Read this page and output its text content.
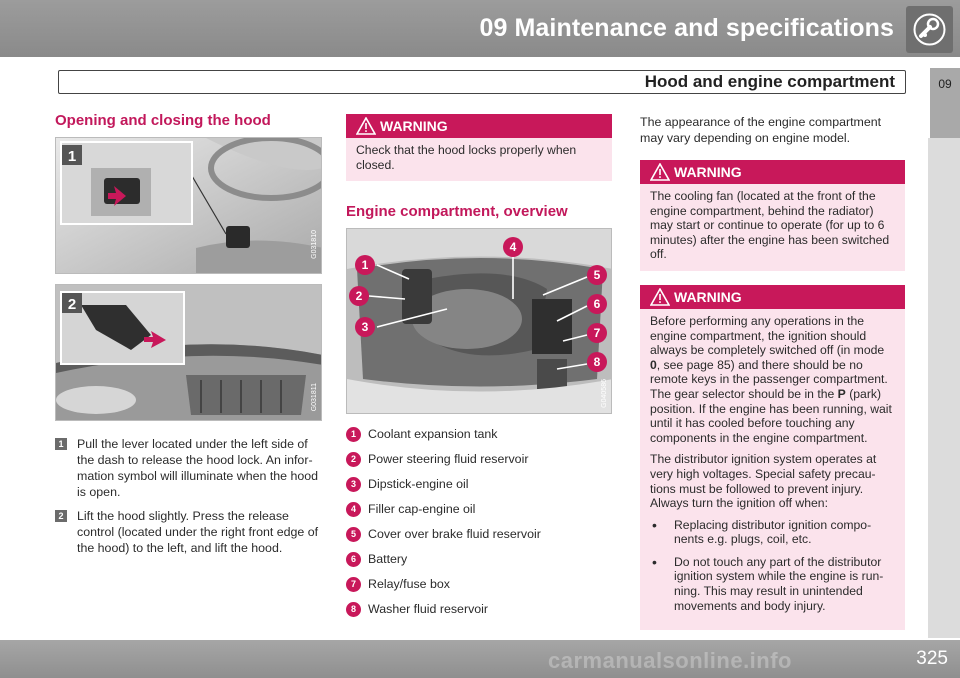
09 Maintenance and specifications
Hood and engine compartment	09
Opening and closing the hood
1
G031810
2
G031811
1 Pull the lever located under the left side of the dash to release the hood lock. An infor-mation symbol will illuminate when the hood is open.
2 Lift the hood slightly. Press the release control (located under the right front edge of the hood) to the left, and lift the hood.
WARNING
Check that the hood locks properly when closed.
Engine compartment, overview
1
2
3
4
5
6
7
8
G040586
1 Coolant expansion tank
2 Power steering fluid reservoir
3 Dipstick-engine oil
4 Filler cap-engine oil
5 Cover over brake fluid reservoir
6 Battery
7 Relay/fuse box
8 Washer fluid reservoir

The appearance of the engine compartment may vary depending on engine model.

WARNING
The cooling fan (located at the front of the engine compartment, behind the radiator) may start or continue to operate (for up to 6 minutes) after the engine has been switched off.
WARNING

Before performing any operations in the engine compartment, the ignition should always be completely switched off (in mode 0, see page 85) and there should be no remote keys in the passenger compartment. The gear selector should be in the P (park) position. If the engine has been running, wait until it has cooled before touching any components in the engine compartment.

The distributor ignition system operates at very high voltages. Special safety precau-tions must be followed to prevent injury. Always turn the ignition off when:

• Replacing distributor ignition compo-nents e.g. plugs, coil, etc.
• Do not touch any part of the distributor ignition system while the engine is run-ning. This may result in unintended movements and body injury.
325
carmanualsonline.info
